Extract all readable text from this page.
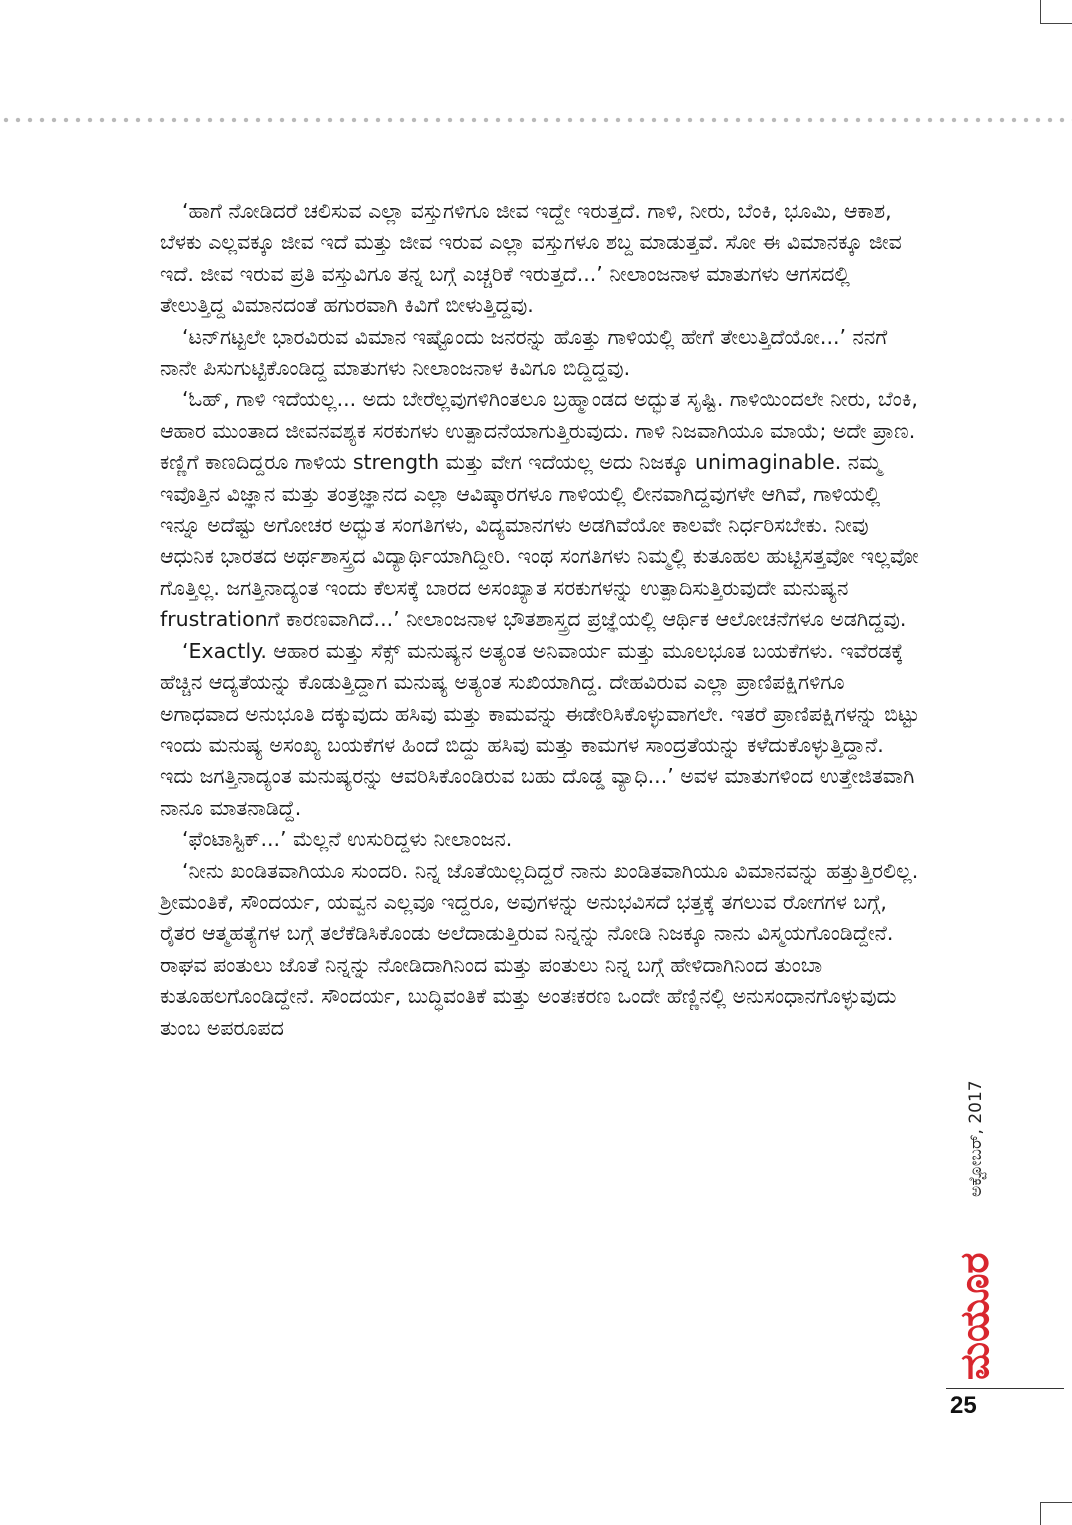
‘ಹಾಗೆ ನೋಡಿದರೆ ಚಲಿಸುವ ಎಲ್ಲಾ ವಸ್ತುಗಳಿಗೂ ಜೀವ ಇದ್ದೇ ಇರುತ್ತದೆ. ಗಾಳಿ, ನೀರು, ಬೆಂಕಿ, ಭೂಮಿ, ಆಕಾಶ, ಬೆಳಕು ಎಲ್ಲವಕ್ಕೂ ಜೀವ ಇದೆ ಮತ್ತು ಜೀವ ಇರುವ ಎಲ್ಲಾ ವಸ್ತುಗಳೂ ಶಬ್ದ ಮಾಡುತ್ತವೆ. ಸೋ ಈ ವಿಮಾನಕ್ಕೂ ಜೀವ ಇದೆ. ಜೀವ ಇರುವ ಪ್ರತಿ ವಸ್ತುವಿಗೂ ತನ್ನ ಬಗ್ಗೆ ಎಚ್ಚರಿಕೆ ಇರುತ್ತದೆ...’ ನೀಲಾಂಜನಾಳ ಮಾತುಗಳು ಆಗಸದಲ್ಲಿ ತೇಲುತ್ತಿದ್ದ ವಿಮಾನದಂತೆ ಹಗುರವಾಗಿ ಕಿವಿಗೆ ಬೀಳುತ್ತಿದ್ದವು.

‘ಟನ್‌ಗಟ್ಟಲೇ ಭಾರವಿರುವ ವಿಮಾನ ಇಷ್ಟೊಂದು ಜನರನ್ನು ಹೊತ್ತು ಗಾಳಿಯಲ್ಲಿ ಹೇಗೆ ತೇಲುತ್ತಿದೆಯೋ...’ ನನಗೆ ನಾನೇ ಪಿಸುಗುಟ್ಟಿಕೊಂಡಿದ್ದ ಮಾತುಗಳು ನೀಲಾಂಜನಾಳ ಕಿವಿಗೂ ಬಿದ್ದಿದ್ದವು.

‘ಓಹ್, ಗಾಳಿ ಇದೆಯಲ್ಲ... ಅದು ಬೇರೆಲ್ಲವುಗಳಿಗಿಂತಲೂ ಬ್ರಹ್ಮಾಂಡದ ಅದ್ಭುತ ಸೃಷ್ಟಿ. ಗಾಳಿಯಿಂದಲೇ ನೀರು, ಬೆಂಕಿ, ಆಹಾರ ಮುಂತಾದ ಜೀವನವಶ್ಯಕ ಸರಕುಗಳು ಉತ್ಪಾದನೆಯಾಗುತ್ತಿರುವುದು. ಗಾಳಿ ನಿಜವಾಗಿಯೂ ಮಾಯೆ; ಅದೇ ಪ್ರಾಣ. ಕಣ್ಣಿಗೆ ಕಾಣದಿದ್ದರೂ ಗಾಳಿಯ strength ಮತ್ತು ವೇಗ ಇದೆಯಲ್ಲ ಅದು ನಿಜಕ್ಕೂ unimaginable. ನಮ್ಮ ಇವೊತ್ತಿನ ವಿಜ್ಞಾನ ಮತ್ತು ತಂತ್ರಜ್ಞಾನದ ಎಲ್ಲಾ ಆವಿಷ್ಕಾರಗಳೂ ಗಾಳಿಯಲ್ಲಿ ಲೀನವಾಗಿದ್ದವುಗಳೇ ಆಗಿವೆ, ಗಾಳಿಯಲ್ಲಿ ಇನ್ನೂ ಅದೆಷ್ಟು ಅಗೋಚರ ಅದ್ಭುತ ಸಂಗತಿಗಳು, ವಿದ್ಯಮಾನಗಳು ಅಡಗಿವೆಯೋ ಕಾಲವೇ ನಿರ್ಧರಿಸಬೇಕು. ನೀವು ಆಧುನಿಕ ಭಾರತದ ಅರ್ಥಶಾಸ್ತ್ರದ ವಿದ್ಯಾರ್ಥಿಯಾಗಿದ್ದೀರಿ. ಇಂಥ ಸಂಗತಿಗಳು ನಿಮ್ಮಲ್ಲಿ ಕುತೂಹಲ ಹುಟ್ಟಿಸತ್ತವೋ ಇಲ್ಲವೋ ಗೊತ್ತಿಲ್ಲ. ಜಗತ್ತಿನಾದ್ಯಂತ ಇಂದು ಕೆಲಸಕ್ಕೆ ಬಾರದ ಅಸಂಖ್ಯಾತ ಸರಕುಗಳನ್ನು ಉತ್ಪಾದಿಸುತ್ತಿರುವುದೇ ಮನುಷ್ಯನ frustrationಗೆ ಕಾರಣವಾಗಿದೆ...’ ನೀಲಾಂಜನಾಳ ಭೌತಶಾಸ್ತ್ರದ ಪ್ರಜ್ಞೆಯಲ್ಲಿ ಆರ್ಥಿಕ ಆಲೋಚನೆಗಳೂ ಅಡಗಿದ್ದವು.

‘Exactly. ಆಹಾರ ಮತ್ತು ಸೆಕ್ಸ್ ಮನುಷ್ಯನ ಅತ್ಯಂತ ಅನಿವಾರ್ಯ ಮತ್ತು ಮೂಲಭೂತ ಬಯಕೆಗಳು. ಇವೆರಡಕ್ಕೆ ಹೆಚ್ಚಿನ ಆದ್ಯತೆಯನ್ನು ಕೊಡುತ್ತಿದ್ದಾಗ ಮನುಷ್ಯ ಅತ್ಯಂತ ಸುಖಿಯಾಗಿದ್ದ. ದೇಹವಿರುವ ಎಲ್ಲಾ ಪ್ರಾಣಿಪಕ್ಷಿಗಳಿಗೂ ಅಗಾಧವಾದ ಅನುಭೂತಿ ದಕ್ಕುವುದು ಹಸಿವು ಮತ್ತು ಕಾಮವನ್ನು ಈಡೇರಿಸಿಕೊಳ್ಳುವಾಗಲೇ. ಇತರೆ ಪ್ರಾಣಿಪಕ್ಷಿಗಳನ್ನು ಬಿಟ್ಟು ಇಂದು ಮನುಷ್ಯ ಅಸಂಖ್ಯ ಬಯಕೆಗಳ ಹಿಂದೆ ಬಿದ್ದು ಹಸಿವು ಮತ್ತು ಕಾಮಗಳ ಸಾಂದ್ರತೆಯನ್ನು ಕಳೆದುಕೊಳ್ಳುತ್ತಿದ್ದಾನೆ. ಇದು ಜಗತ್ತಿನಾದ್ಯಂತ ಮನುಷ್ಯರನ್ನು ಆವರಿಸಿಕೊಂಡಿರುವ ಬಹು ದೊಡ್ಡ ವ್ಯಾಧಿ...’ ಅವಳ ಮಾತುಗಳಿಂದ ಉತ್ತೇಜಿತವಾಗಿ ನಾನೂ ಮಾತನಾಡಿದ್ದೆ.

‘ಫೆಂಟಾಸ್ಟಿಕ್...’ ಮೆಲ್ಲನೆ ಉಸುರಿದ್ದಳು ನೀಲಾಂಜನ.

‘ನೀನು ಖಂಡಿತವಾಗಿಯೂ ಸುಂದರಿ. ನಿನ್ನ ಜೊತೆಯಿಲ್ಲದಿದ್ದರೆ ನಾನು ಖಂಡಿತವಾಗಿಯೂ ವಿಮಾನವನ್ನು ಹತ್ತುತ್ತಿರಲಿಲ್ಲ. ಶ್ರೀಮಂತಿಕೆ, ಸೌಂದರ್ಯ, ಯವ್ವನ ಎಲ್ಲವೂ ಇದ್ದರೂ, ಅವುಗಳನ್ನು ಅನುಭವಿಸದೆ ಭತ್ತಕ್ಕೆ ತಗಲುವ ರೋಗಗಳ ಬಗ್ಗೆ, ರೈತರ ಆತ್ಮಹತ್ಯೆಗಳ ಬಗ್ಗೆ ತಲೆಕೆಡಿಸಿಕೊಂಡು ಅಲೆದಾಡುತ್ತಿರುವ ನಿನ್ನನ್ನು ನೋಡಿ ನಿಜಕ್ಕೂ ನಾನು ವಿಸ್ಮಯಗೊಂಡಿದ್ದೇನೆ. ರಾಘವ ಪಂತುಲು ಜೊತೆ ನಿನ್ನನ್ನು ನೋಡಿದಾಗಿನಿಂದ ಮತ್ತು ಪಂತುಲು ನಿನ್ನ ಬಗ್ಗೆ ಹೇಳಿದಾಗಿನಿಂದ ತುಂಬಾ ಕುತೂಹಲಗೊಂಡಿದ್ದೇನೆ. ಸೌಂದರ್ಯ, ಬುದ್ಧಿವಂತಿಕೆ ಮತ್ತು ಅಂತಃಕರಣ ಒಂದೇ ಹೆಣ್ಣಿನಲ್ಲಿ ಅನುಸಂಧಾನಗೊಳ್ಳುವುದು ತುಂಬ ಅಪರೂಪದ

ಅಕ್ಟೋಬರ್, 2017
ಮಯೂರ
25
